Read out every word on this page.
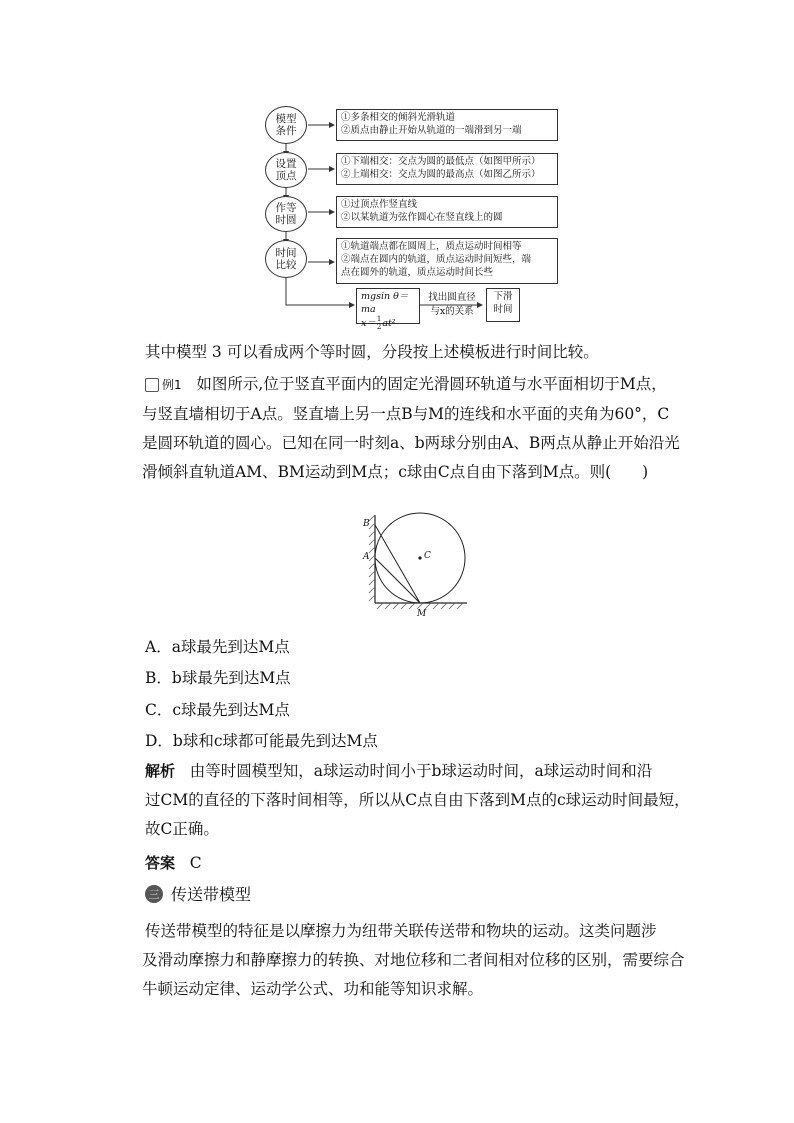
模型条件
①多条相交的倾斜光滑轨道
②质点由静止开始从轨道的一端滑到另一端
设置顶点
①下端相交：交点为圆的最低点（如图甲所示）
②上端相交：交点为圆的最高点（如图乙所示）
作等时圆
①过顶点作竖直线
②以某轨道为弦作圆心在竖直线上的圆
时间比较
①轨道端点都在圆周上，质点运动时间相等
②端点在圆内的轨道，质点运动时间短些，端
点在圆外的轨道，质点运动时间长些
mgsin θ＝ma
x＝ 1
2 at²
找出圆直径
与x的关系
下滑
时间
其中模型 3 可以看成两个等时圆，分段按上述模板进行时间比较。
例1 如图所示,位于竖直平面内的固定光滑圆环轨道与水平面相切于M点，
与竖直墙相切于A点。竖直墙上另一点B与M的连线和水平面的夹角为60°，C
是圆环轨道的圆心。已知在同一时刻a、b两球分别由A、B两点从静止开始沿光
滑倾斜直轨道AM、BM运动到M点；c球由C点自由下落到M点。则(　　)
B
A	C
M
A．a球最先到达M点
B．b球最先到达M点
C．c球最先到达M点
D．b球和c球都可能最先到达M点
解析 由等时圆模型知，a球运动时间小于b球运动时间，a球运动时间和沿
过CM的直径的下落时间相等，所以从C点自由下落到M点的c球运动时间最短，
故C正确。
答案 C
三 传送带模型
传送带模型的特征是以摩擦力为纽带关联传送带和物块的运动。这类问题涉
及滑动摩擦力和静摩擦力的转换、对地位移和二者间相对位移的区别，需要综合
牛顿运动定律、运动学公式、功和能等知识求解。
